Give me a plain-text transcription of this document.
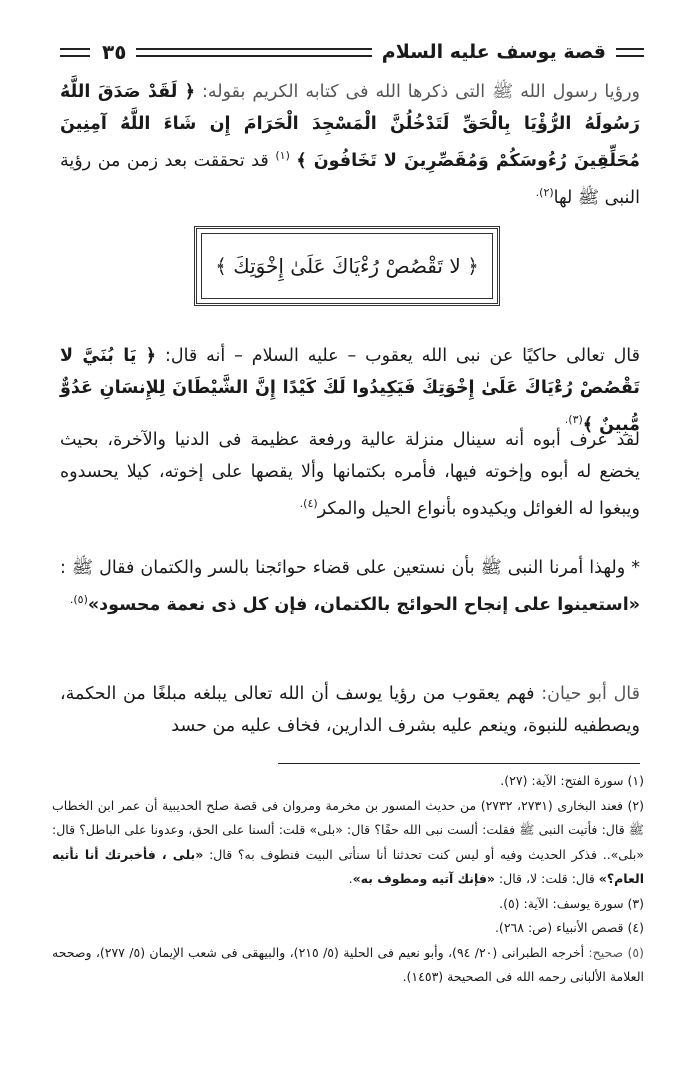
٣٥	قصة يوسف عليه السلام

ورؤيا رسول الله ﷺ التى ذكرها الله فى كتابه الكريم بقوله: ﴿ لَقَدْ صَدَقَ اللَّهُ رَسُولَهُ الرُّؤْيَا بِالْحَقِّ لَتَدْخُلُنَّ الْمَسْجِدَ الْحَرَامَ إِن شَاءَ اللَّهُ آمِنِينَ مُحَلِّقِينَ رُءُوسَكُمْ وَمُقَصِّرِينَ لا تَخَافُونَ ﴾ $^{(١)}$ قد تحققت بعد زمن من رؤية النبى ﷺ لها$^{(٢).}$

﴿ لا تَقْصُصْ رُءْيَاكَ عَلَىٰ إِخْوَتِكَ ﴾

قال تعالى حاكيًا عن نبى الله يعقوب – عليه السلام – أنه قال: ﴿ يَا بُنَيَّ لا تَقْصُصْ رُءْيَاكَ عَلَىٰ إِخْوَتِكَ فَيَكِيدُوا لَكَ كَيْدًا إِنَّ الشَّيْطَانَ لِلإِنسَانِ عَدُوٌّ مُّبِينٌ ﴾$^{(٣).}$

لقد عرف أبوه أنه سينال منزلة عالية ورفعة عظيمة فى الدنيا والآخرة، بحيث يخضع له أبوه وإخوته فيها، فأمره بكتمانها وألا يقصها على إخوته، كيلا يحسدوه ويبغوا له الغوائل ويكيدوه بأنواع الحيل والمكر$^{(٤).}$

* ولهذا أمرنا النبى ﷺ بأن نستعين على قضاء حوائجنا بالسر والكتمان فقال ﷺ : «استعينوا على إنجاح الحوائج بالكتمان، فإن كل ذى نعمة محسود»$^{(٥).}$

قال أبو حيان: فهم يعقوب من رؤيا يوسف أن الله تعالى يبلغه مبلغًا من الحكمة، ويصطفيه للنبوة، وينعم عليه بشرف الدارين، فخاف عليه من حسد

(١) سورة الفتح: الآية: (٢٧).

(٢) فعند البخارى (٢٧٣١، ٢٧٣٢) من حديث المسور بن مخرمة ومروان فى قصة صلح الحديبية أن عمر ابن الخطاب ﷺ قال: فأتيت النبى ﷺ فقلت: ألست نبى الله حقًا؟ قال: «بلى» قلت: ألسنا على الحق، وعدونا على الباطل؟ قال: «بلى».. فذكر الحديث وفيه أو ليس كنت تحدثنا أنا سنأتى البيت فنطوف به؟ قال: «بلى ، فأخبرتك أنا نأتيه العام؟» قال: قلت: لا، قال: «فإنك آتيه ومطوف به».

(٣) سورة يوسف: الآية: (٥).

(٤) قصص الأنبياء (ص: ٢٦٨).

(٥) صحيح: أخرجه الطبرانى (٢٠/ ٩٤)، وأبو نعيم فى الحلية (٥/ ٢١٥)، والبيهقى فى شعب الإيمان (٥/ ٢٧٧)، وصححه العلامة الألبانى رحمه الله فى الصحيحة (١٤٥٣).
